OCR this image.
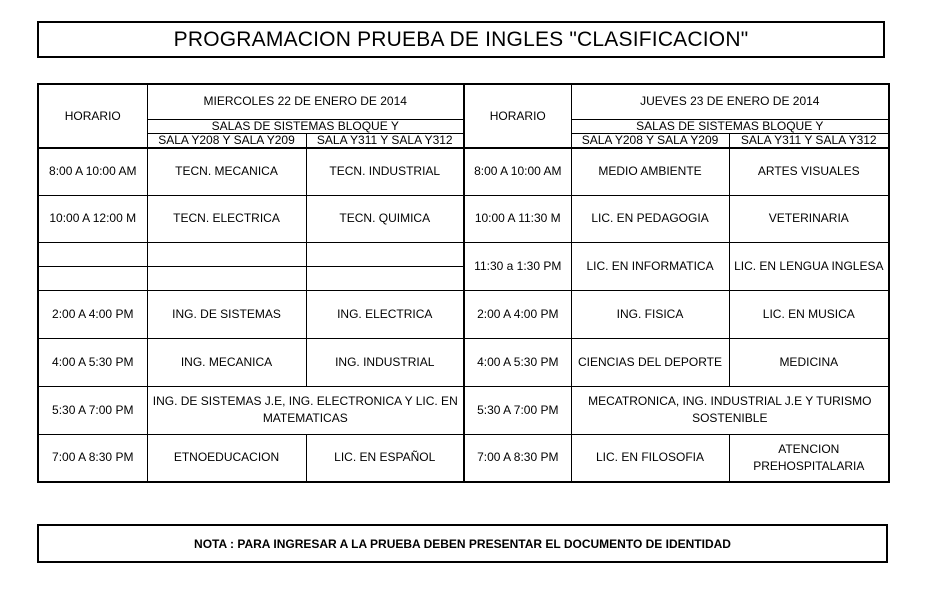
PROGRAMACION PRUEBA DE INGLES "CLASIFICACION"
HORARIO	MIERCOLES 22 DE ENERO DE 2014		HORARIO	JUEVES 23 DE ENERO DE 2014	
	SALAS DE SISTEMAS BLOQUE Y			SALAS DE SISTEMAS BLOQUE Y	
	SALA Y208 Y SALA Y209	SALA Y311 Y SALA Y312		SALA Y208 Y SALA Y209	SALA Y311 Y SALA Y312
8:00 A 10:00 AM	TECN. MECANICA	TECN. INDUSTRIAL	8:00 A 10:00 AM	MEDIO AMBIENTE	ARTES VISUALES
10:00 A 12:00 M	TECN. ELECTRICA	TECN. QUIMICA	10:00 A 11:30 M	LIC. EN PEDAGOGIA	VETERINARIA
			11:30 a 1:30 PM	LIC. EN INFORMATICA	LIC. EN LENGUA INGLESA

2:00 A 4:00 PM	ING. DE SISTEMAS	ING. ELECTRICA	2:00 A 4:00 PM	ING. FISICA	LIC. EN MUSICA
4:00 A 5:30 PM	ING. MECANICA	ING. INDUSTRIAL	4:00 A 5:30 PM	CIENCIAS DEL DEPORTE	MEDICINA
5:30 A 7:00 PM	ING. DE SISTEMAS J.E, ING. ELECTRONICA Y LIC. EN MATEMATICAS		5:30 A 7:00 PM	MECATRONICA, ING. INDUSTRIAL J.E Y TURISMO SOSTENIBLE	
7:00 A 8:30 PM	ETNOEDUCACION	LIC. EN ESPAÑOL	7:00 A 8:30 PM	LIC. EN FILOSOFIA	ATENCION PREHOSPITALARIA
NOTA : PARA INGRESAR A LA PRUEBA DEBEN PRESENTAR EL DOCUMENTO DE IDENTIDAD
